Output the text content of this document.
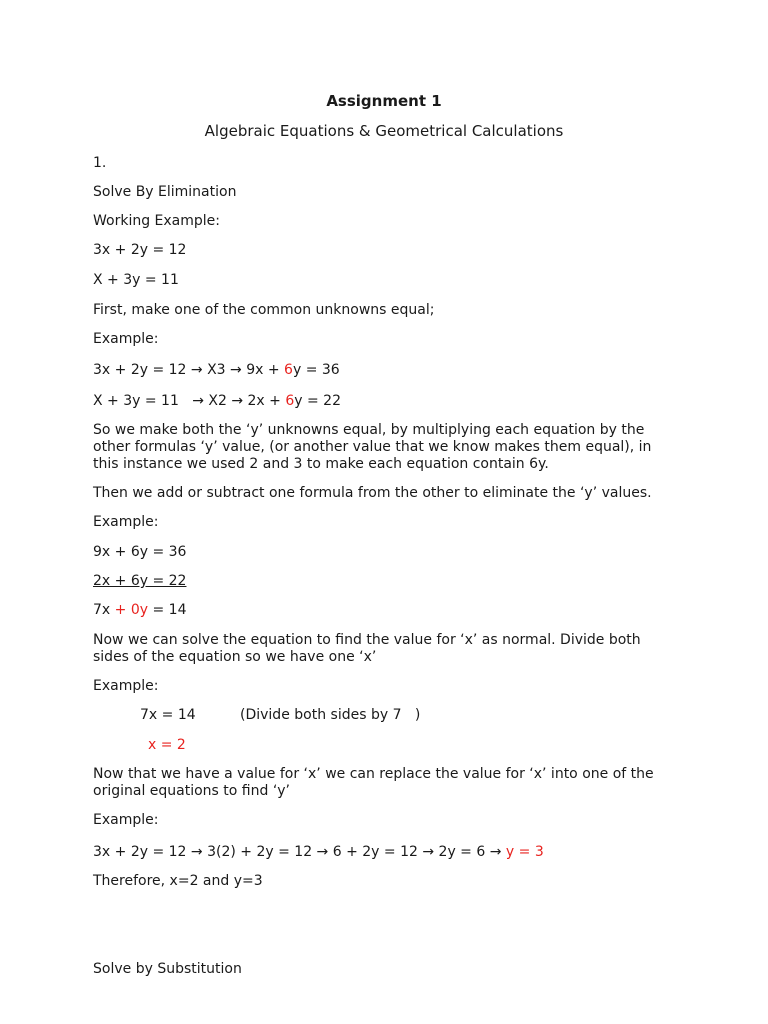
Assignment 1
Algebraic Equations & Geometrical Calculations
1.
Solve By Elimination
Working Example:
3x + 2y = 12
X + 3y = 11
First, make one of the common unknowns equal;
Example:
3x + 2y = 12 → X3 → 9x + 6y = 36
X + 3y = 11   → X2 → 2x + 6y = 22
So we make both the ‘y’ unknowns equal, by multiplying each equation by the other formulas ‘y’ value, (or another value that we know makes them equal), in this instance we used 2 and 3 to make each equation contain 6y.
Then we add or subtract one formula from the other to eliminate the ‘y’ values.
Example:
9x + 6y = 36
2x + 6y = 22
7x + 0y = 14
Now we can solve the equation to find the value for ‘x’ as normal. Divide both sides of the equation so we have one ‘x’
Example:
7x = 14	(Divide both sides by 7   )
x = 2
Now that we have a value for ‘x’ we can replace the value for ‘x’ into one of the original equations to find ‘y’
Example:
3x + 2y = 12 → 3(2) + 2y = 12 → 6 + 2y = 12 → 2y = 6 → y = 3
Therefore, x=2 and y=3
Solve by Substitution
